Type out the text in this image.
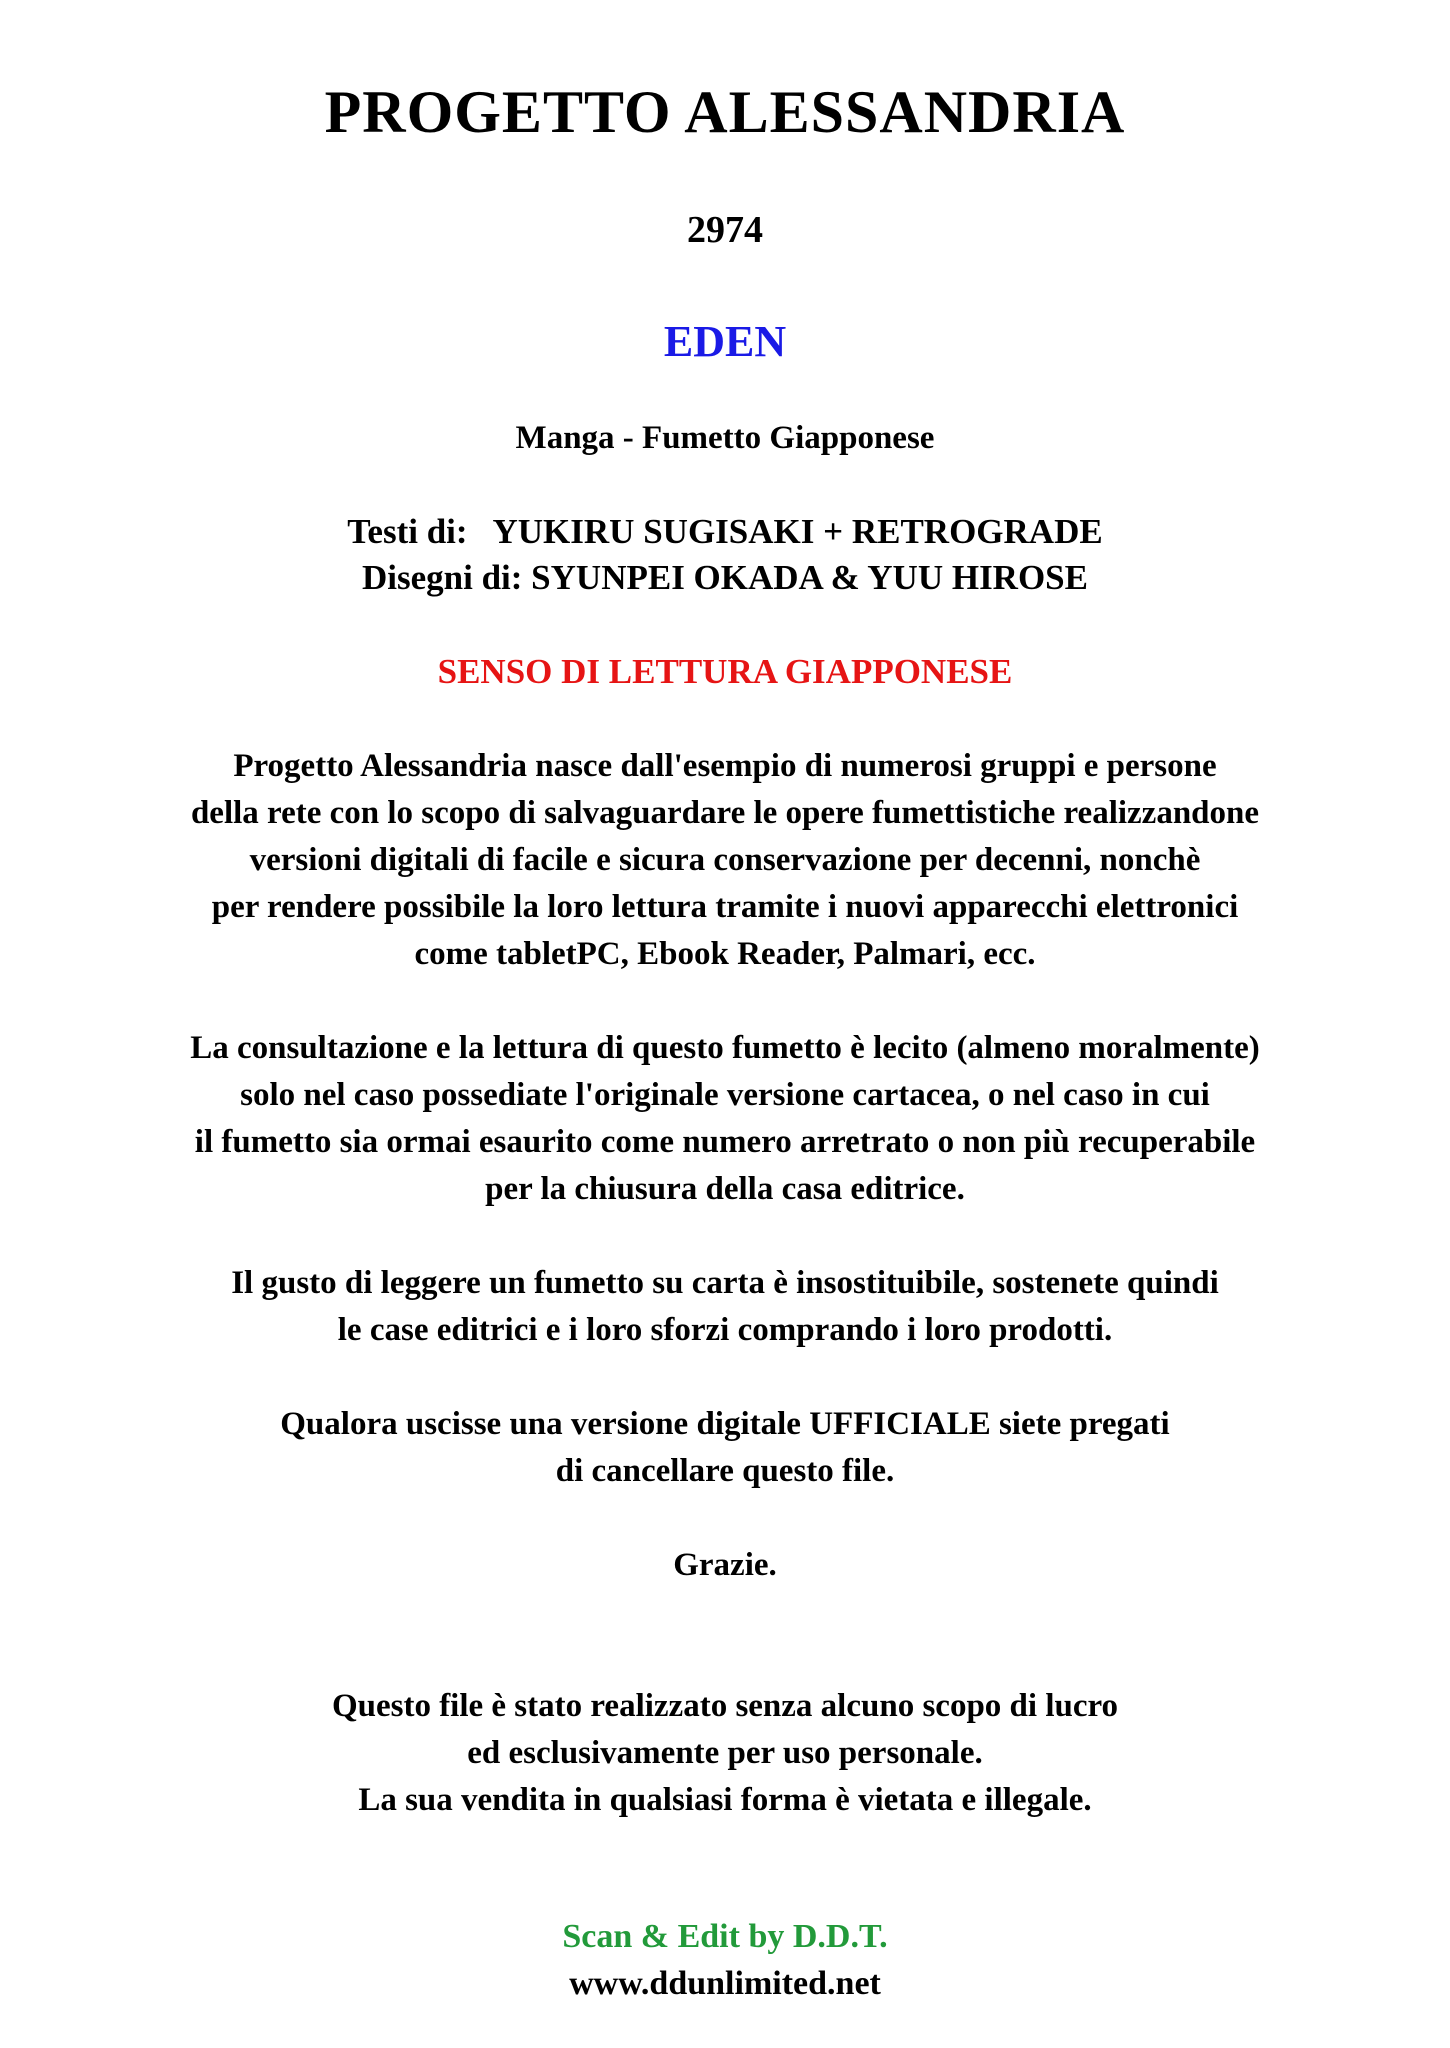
PROGETTO ALESSANDRIA
2974
EDEN
Manga - Fumetto Giapponese
Testi di:   YUKIRU SUGISAKI + RETROGRADE
Disegni di: SYUNPEI OKADA & YUU HIROSE
SENSO DI LETTURA GIAPPONESE
Progetto Alessandria nasce dall'esempio di numerosi gruppi e persone
della rete con lo scopo di salvaguardare le opere fumettistiche realizzandone
versioni digitali di facile e sicura conservazione per decenni, nonchè
per rendere possibile la loro lettura tramite i nuovi apparecchi elettronici
come tabletPC, Ebook Reader, Palmari, ecc.
La consultazione e la lettura di questo fumetto è lecito (almeno moralmente)
solo nel caso possediate l'originale versione cartacea, o nel caso in cui
il fumetto sia ormai esaurito come numero arretrato o non più recuperabile
per la chiusura della casa editrice.
Il gusto di leggere un fumetto su carta è insostituibile, sostenete quindi
le case editrici e i loro sforzi comprando i loro prodotti.
Qualora uscisse una versione digitale UFFICIALE siete pregati
di cancellare questo file.
Grazie.
Questo file è stato realizzato senza alcuno scopo di lucro
ed esclusivamente per uso personale.
La sua vendita in qualsiasi forma è vietata e illegale.
Scan & Edit by D.D.T.
www.ddunlimited.net
